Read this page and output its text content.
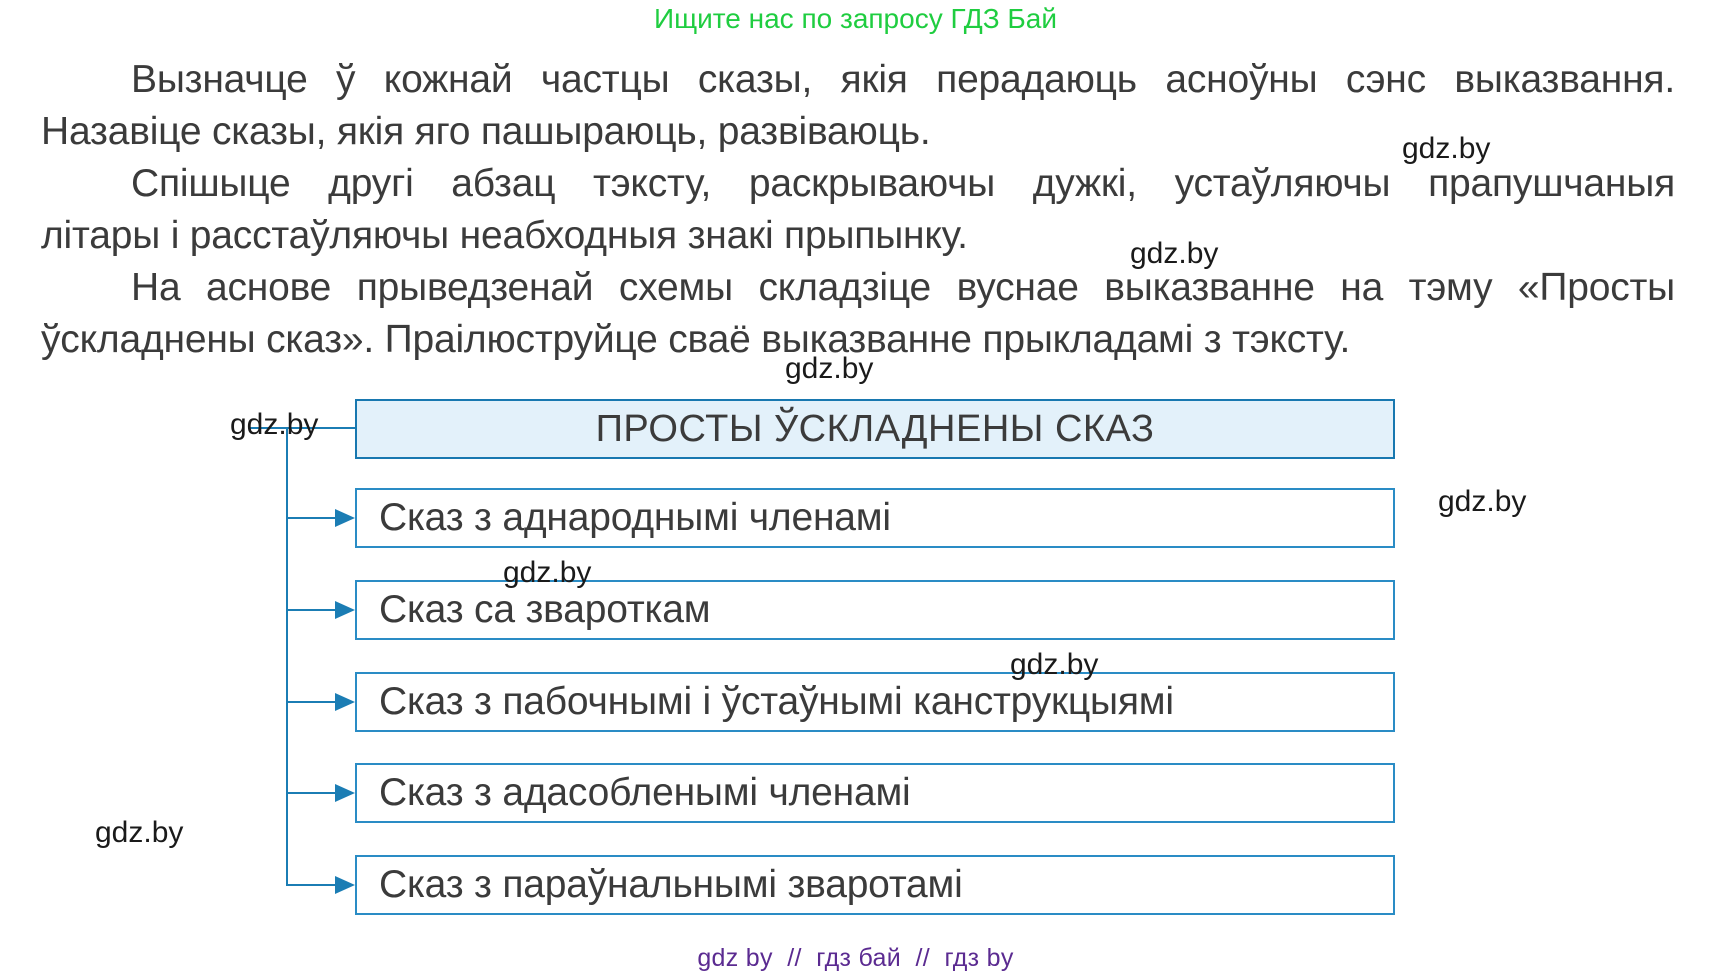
Ищите нас по запросу ГДЗ Бай
Вызначце ў кожнай частцы сказы, якія перадаюць асноўны сэнс выказвання.
Назавіце сказы, якія яго пашыраюць, развіваюць.
Спішыце другі абзац тэксту, раскрываючы дужкі, устаўляючы прапушчаныя
літары і расстаўляючы неабходныя знакі прыпынку.
На аснове прыведзенай схемы складзіце вуснае выказванне на тэму «Просты
ўскладнены сказ». Праілюструйце сваё выказванне прыкладамі з тэксту.
ПРОСТЫ ЎСКЛАДНЕНЫ СКАЗ
Сказ з аднароднымі членамі
Сказ са звароткам
Сказ з пабочнымі і ўстаўнымі канструкцыямі
Сказ з адасобленымі членамі
Сказ з параўнальнымі зваротамі
gdz.by
gdz.by
gdz.by
gdz.by
gdz.by
gdz.by
gdz.by
gdz.by
gdz by  //  гдз бай  //  гдз by
